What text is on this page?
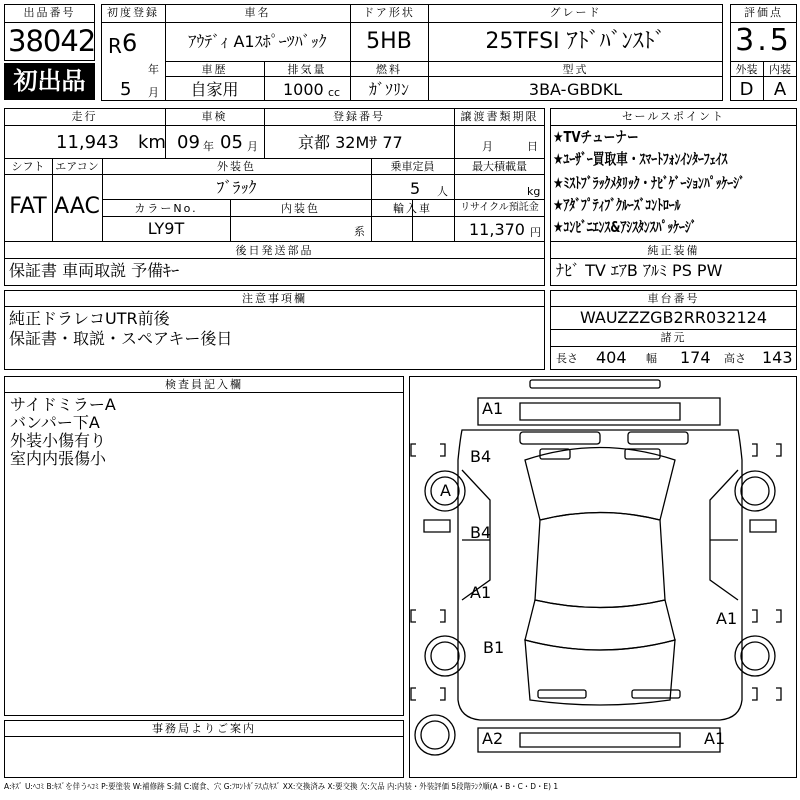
出品番号
38042
初出品
初度登録
R 6
年
5 月
車名
ｱｳﾃﾞｨ A1ｽﾎﾟｰﾂﾊﾞｯｸ
ドア形状
5HB
グレード
25TFSI ｱﾄﾞﾊﾞﾝｽﾄﾞ
車歴
自家用
排気量
1000 cc
燃料
ｶﾞｿﾘﾝ
型式
3BA-GBDKL
評価点
3.5
外装	内装
D	A
走行
11,943 km
車検
09 年 05 月
登録番号
京都 32Mｻ 77
譲渡書類期限
月	日
シフト
FAT
エアコン
AAC
外装色
ﾌﾞﾗｯｸ
乗車定員
5 人
最大積載量
kg
カラーNo.
LY9T
内装色
系
輸入車	リサイクル預託金
11,370 円
後日発送部品
保証書 車両取説 予備ｷｰ
セールスポイント
★TVチューナー
★ﾕｰｻﾞｰ買取車・ｽﾏｰﾄﾌｫﾝｲﾝﾀｰﾌｪｲｽ
★ﾐｽﾄﾌﾞﾗｯｸﾒﾀﾘｯｸ・ﾅﾋﾞｹﾞｰｼｮﾝﾊﾟｯｹｰｼﾞ
★ｱﾀﾞﾌﾟﾃｨﾌﾞｸﾙｰｽﾞｺﾝﾄﾛｰﾙ
★ｺﾝﾋﾞﾆｴﾝｽ&ｱｼｽﾀﾝｽﾊﾟｯｹｰｼﾞ
純正装備
ﾅﾋﾞ TV ｴｱB ｱﾙﾐ PS PW
注意事項欄
純正ドラレコUTR前後
保証書・取説・スペアキー後日
車台番号
WAUZZZGB2RR032124
諸元
長さ 404 幅 174 高さ 143
検査員記入欄
サイドミラーA
バンパー下A
外装小傷有り
室内内張傷小
事務局よりご案内
A1
B4
A
B4
A1
B1
A1
A2	A1
A:ｷｽﾞ U:ﾍｺﾐ B:ｷｽﾞを伴うﾍｺﾐ P:要塗装 W:補修跡 S:錆 C:腐食、穴 G:ﾌﾛﾝﾄｶﾞﾗｽ点ｷｽﾞ XX:交換済み X:要交換 欠:欠品 内:内装・外装評価 5段階ﾗﾝｸ順(A・B・C・D・E) 1
